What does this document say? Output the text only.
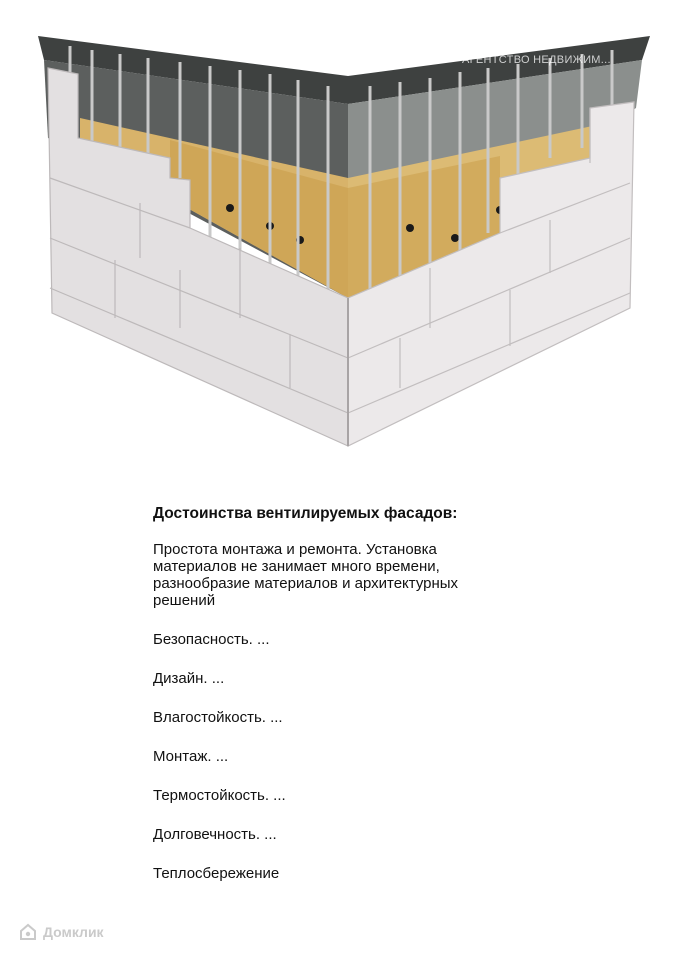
АГЕНТСТВО НЕДВИЖИМ...
Достоинства вентилируемых фасадов:
Простота монтажа и ремонта. Установка
материалов не занимает много времени,
разнообразие материалов и архитектурных
решений
Безопасность. ...
Дизайн. ...
Влагостойкость. ...
Монтаж. ...
Термостойкость. ...
Долговечность. ...
Теплосбережение
Домклик
